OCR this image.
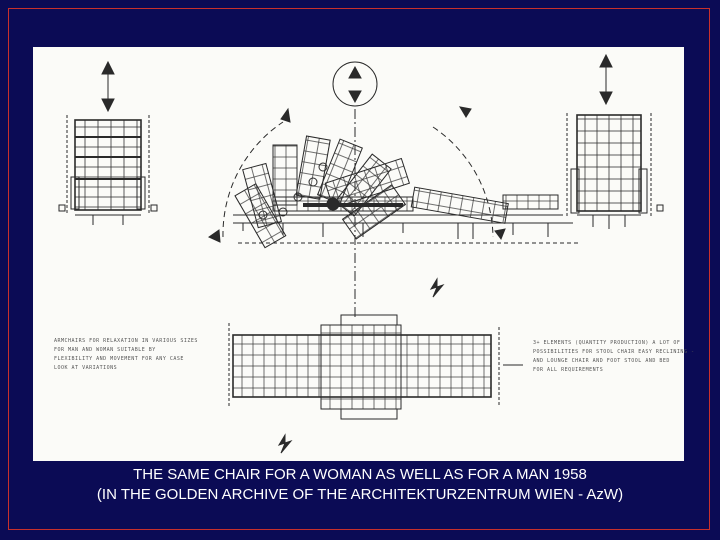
ARMCHAIRS FOR RELAXATION IN VARIOUS SIZES
FOR MAN AND WOMAN SUITABLE BY
FLEXIBILITY AND MOVEMENT FOR ANY CASE
LOOK AT VARIATIONS
3+ ELEMENTS (QUANTITY PRODUCTION) A LOT OF
POSSIBILITIES FOR STOOL CHAIR EASY RECLINING -
AND LOUNGE CHAIR AND FOOT STOOL AND BED
FOR ALL REQUIREMENTS
THE SAME CHAIR FOR A WOMAN AS WELL AS FOR A MAN 1958
(IN THE GOLDEN ARCHIVE OF THE ARCHITEKTURZENTRUM WIEN - AzW)
